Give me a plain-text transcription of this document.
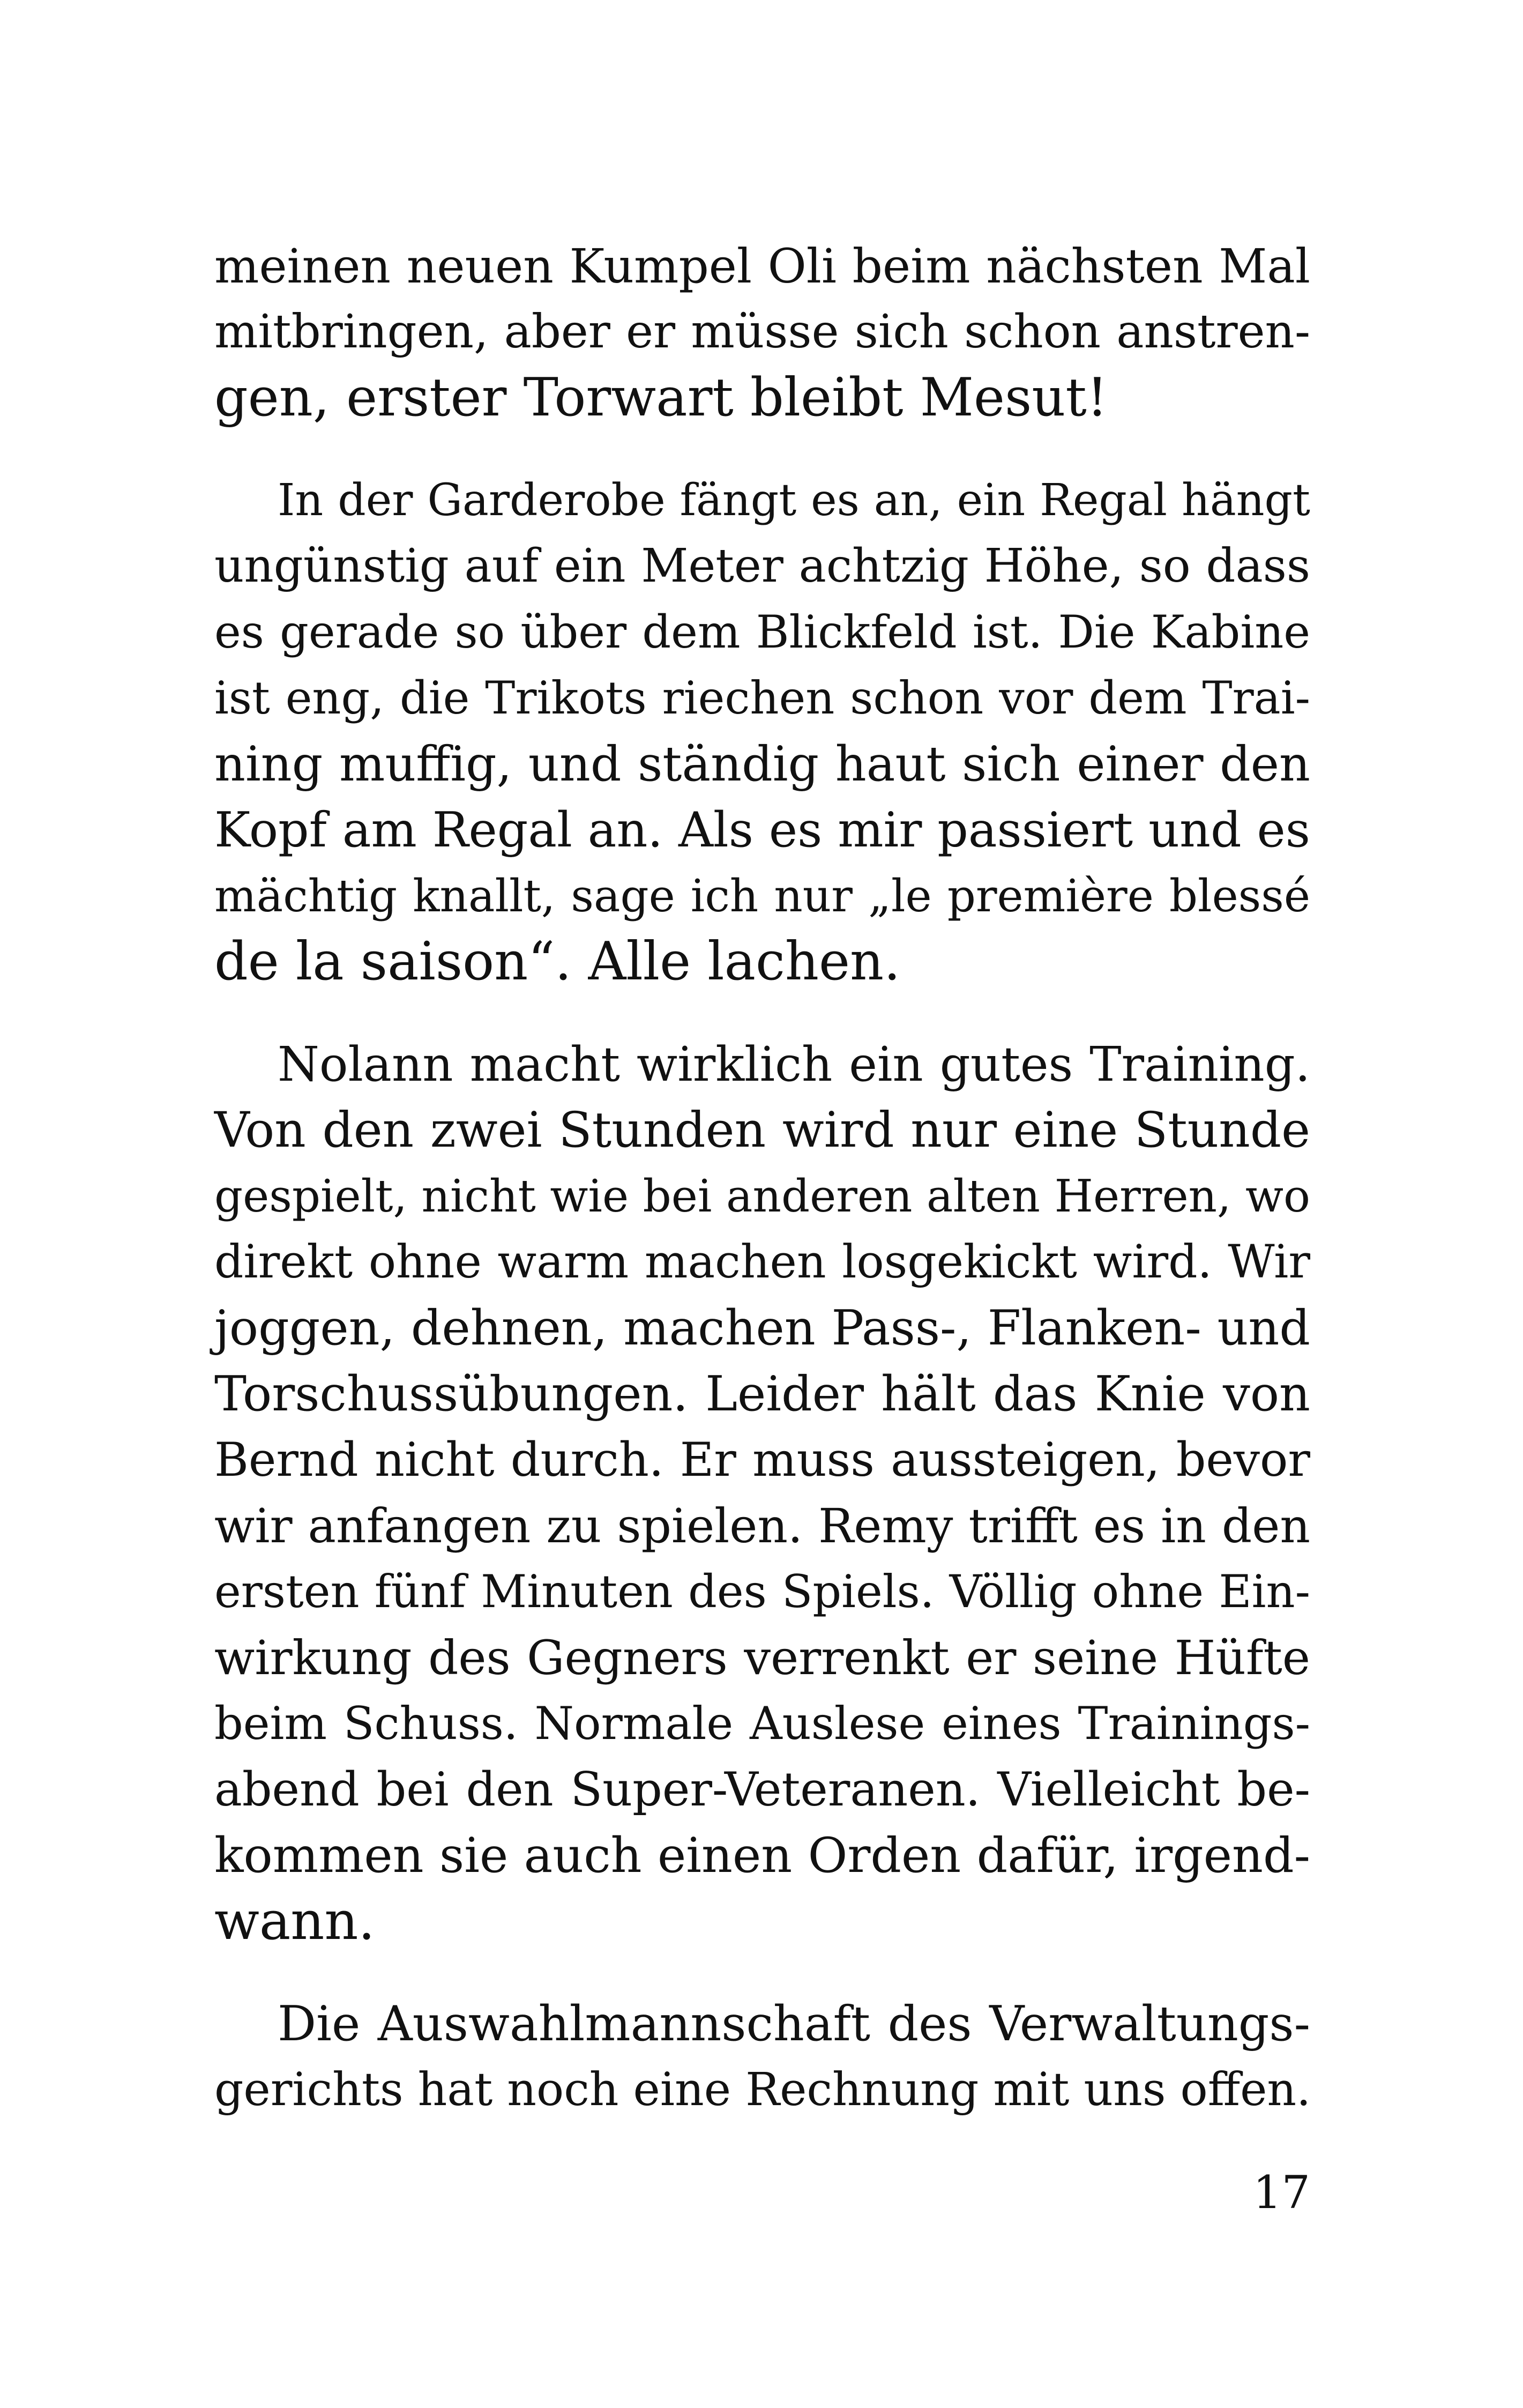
meinen neuen Kumpel Oli beim nächsten Mal
mitbringen, aber er müsse sich schon anstren-
gen, erster Torwart bleibt Mesut!
In der Garderobe fängt es an, ein Regal hängt
ungünstig auf ein Meter achtzig Höhe, so dass
es gerade so über dem Blickfeld ist. Die Kabine
ist eng, die Trikots riechen schon vor dem Trai-
ning muffig, und ständig haut sich einer den
Kopf am Regal an. Als es mir passiert und es
mächtig knallt, sage ich nur „le première blessé
de la saison“. Alle lachen.
Nolann macht wirklich ein gutes Training.
Von den zwei Stunden wird nur eine Stunde
gespielt, nicht wie bei anderen alten Herren, wo
direkt ohne warm machen losgekickt wird. Wir
joggen, dehnen, machen Pass-, Flanken- und
Torschussübungen. Leider hält das Knie von
Bernd nicht durch. Er muss aussteigen, bevor
wir anfangen zu spielen. Remy trifft es in den
ersten fünf Minuten des Spiels. Völlig ohne Ein-
wirkung des Gegners verrenkt er seine Hüfte
beim Schuss. Normale Auslese eines Trainings-
abend bei den Super-Veteranen. Vielleicht be-
kommen sie auch einen Orden dafür, irgend-
wann.
Die Auswahlmannschaft des Verwaltungs-
gerichts hat noch eine Rechnung mit uns offen.
17
